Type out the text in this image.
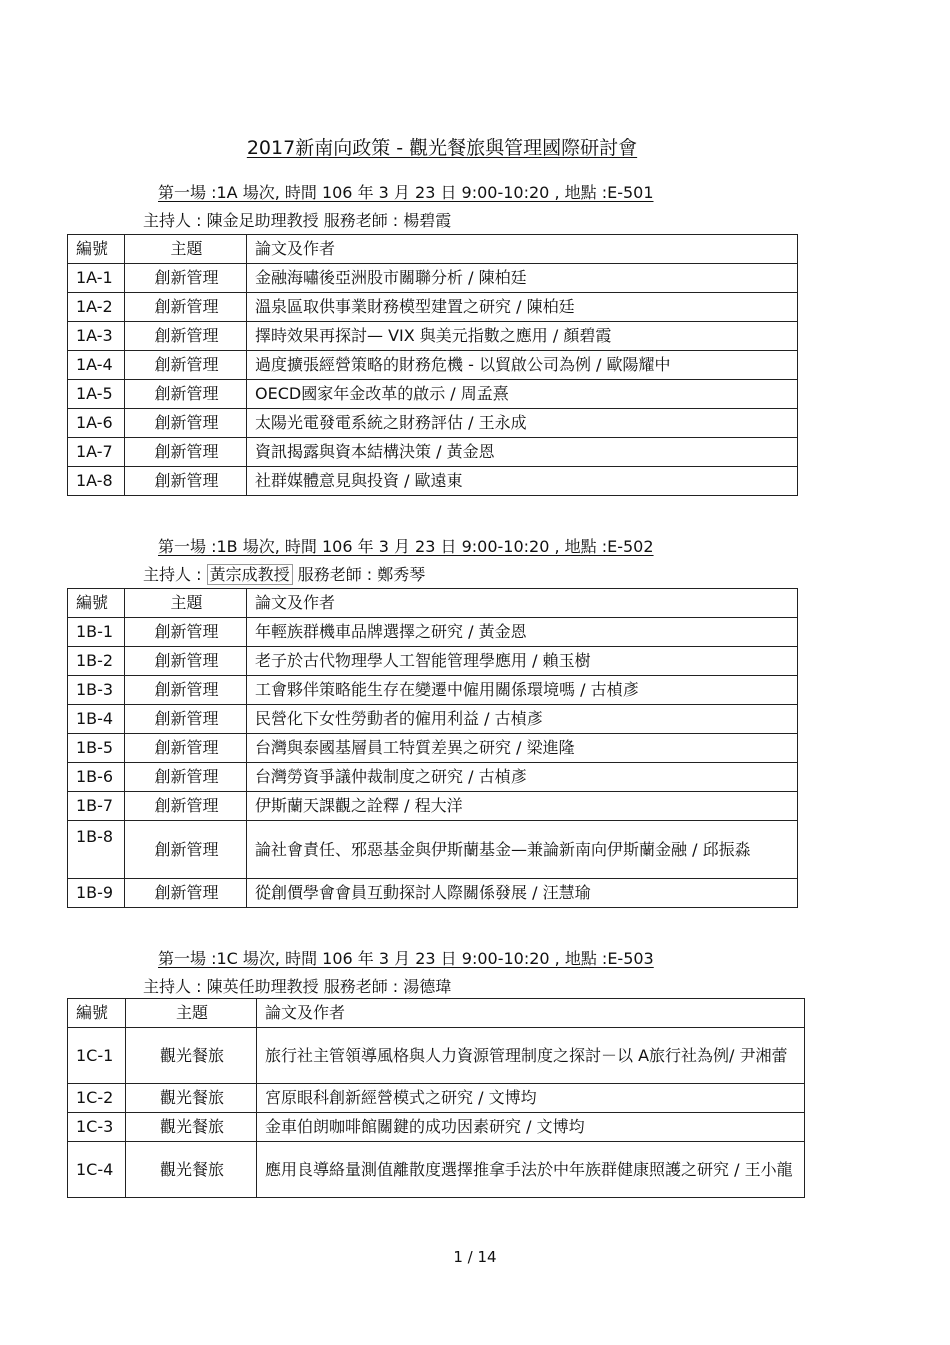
2017新南向政策 - 觀光餐旅與管理國際研討會
第一場 :1A 場次, 時間 106 年 3 月 23 日 9:00-10:20 , 地點 :E-501
主持人 : 陳金足助理教授 服務老師 : 楊碧霞
編號	主題	論文及作者
1A-1	創新管理	金融海嘯後亞洲股市關聯分析 / 陳柏廷
1A-2	創新管理	溫泉區取供事業財務模型建置之研究 / 陳柏廷
1A-3	創新管理	擇時效果再探討— VIX 與美元指數之應用 / 顏碧霞
1A-4	創新管理	過度擴張經營策略的財務危機 - 以貿啟公司為例 / 歐陽耀中
1A-5	創新管理	OECD國家年金改革的啟示 / 周孟熹
1A-6	創新管理	太陽光電發電系統之財務評估 / 王永成
1A-7	創新管理	資訊揭露與資本結構決策 / 黃金恩
1A-8	創新管理	社群媒體意見與投資 / 歐遠東
第一場 :1B 場次, 時間 106 年 3 月 23 日 9:00-10:20 , 地點 :E-502
主持人 : 黃宗成教授 服務老師 : 鄭秀琴
編號	主題	論文及作者
1B-1	創新管理	年輕族群機車品牌選擇之研究 / 黃金恩
1B-2	創新管理	老子於古代物理學人工智能管理學應用 / 賴玉樹
1B-3	創新管理	工會夥伴策略能生存在變遷中僱用關係環境嗎 / 古楨彥
1B-4	創新管理	民營化下女性勞動者的僱用利益 / 古楨彥
1B-5	創新管理	台灣與泰國基層員工特質差異之研究 / 梁進隆
1B-6	創新管理	台灣勞資爭議仲裁制度之研究 / 古楨彥
1B-7	創新管理	伊斯蘭天課觀之詮釋 / 程大洋
1B-8	創新管理	論社會責任、邪惡基金與伊斯蘭基金—兼論新南向伊斯蘭金融 / 邱振淼
1B-9	創新管理	從創價學會會員互動探討人際關係發展 / 汪慧瑜
第一場 :1C 場次, 時間 106 年 3 月 23 日 9:00-10:20 , 地點 :E-503
主持人 : 陳英任助理教授 服務老師 : 湯德瑋
編號	主題	論文及作者
1C-1	觀光餐旅	旅行社主管領導風格與人力資源管理制度之探討－以 A旅行社為例/ 尹湘蕾
1C-2	觀光餐旅	宮原眼科創新經營模式之研究 / 文博均
1C-3	觀光餐旅	金車伯朗咖啡館關鍵的成功因素研究 / 文博均
1C-4	觀光餐旅	應用良導絡量測值離散度選擇推拿手法於中年族群健康照護之研究 / 王小龍
1 / 14
